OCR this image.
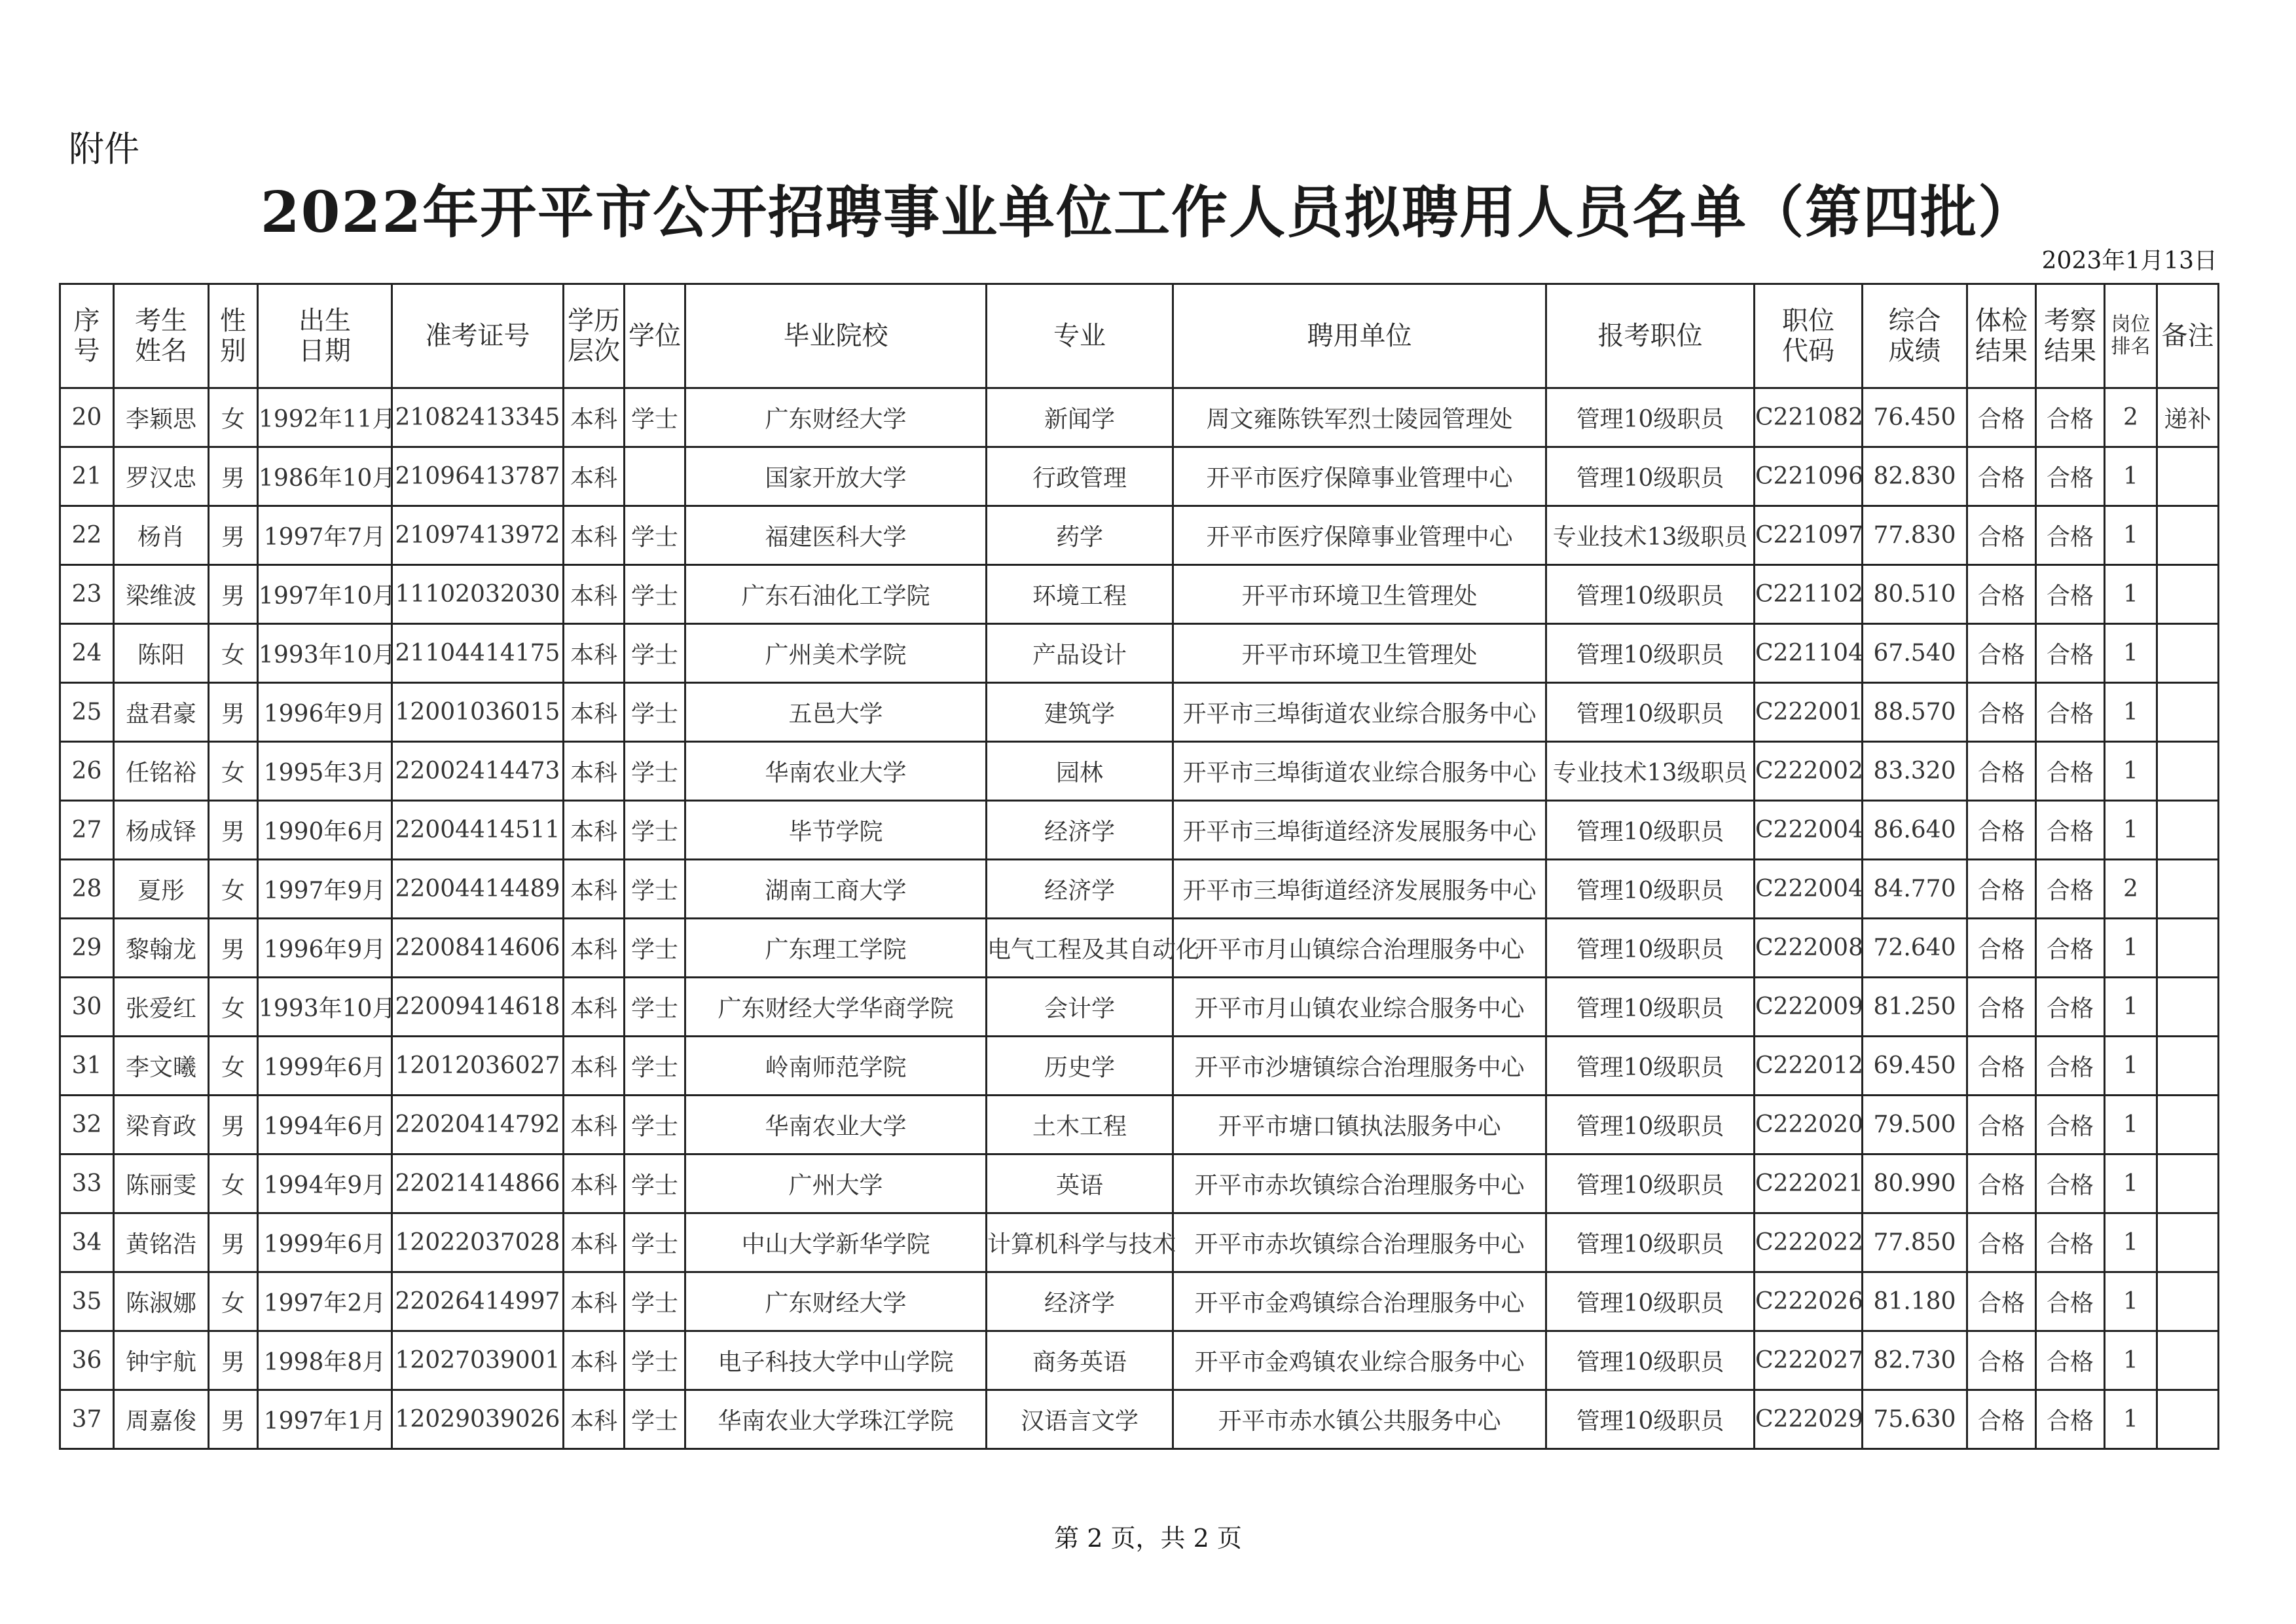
附件
2022年开平市公开招聘事业单位工作人员拟聘用人员名单（第四批）
2023年1月13日
序号	考生姓名	性别	出生日期	准考证号	学历层次	学位	毕业院校	专业	聘用单位	报考职位	职位代码	综合成绩	体检结果	考察结果	岗位排名	备注
20	李颖思	女	1992年11月	21082413345	本科	学士	广东财经大学	新闻学	周文雍陈铁军烈士陵园管理处	管理10级职员	C221082	76.450	合格	合格	2	递补
21	罗汉忠	男	1986年10月	21096413787	本科		国家开放大学	行政管理	开平市医疗保障事业管理中心	管理10级职员	C221096	82.830	合格	合格	1	
22	杨肖	男	1997年7月	21097413972	本科	学士	福建医科大学	药学	开平市医疗保障事业管理中心	专业技术13级职员	C221097	77.830	合格	合格	1	
23	梁维波	男	1997年10月	11102032030	本科	学士	广东石油化工学院	环境工程	开平市环境卫生管理处	管理10级职员	C221102	80.510	合格	合格	1	
24	陈阳	女	1993年10月	21104414175	本科	学士	广州美术学院	产品设计	开平市环境卫生管理处	管理10级职员	C221104	67.540	合格	合格	1	
25	盘君豪	男	1996年9月	12001036015	本科	学士	五邑大学	建筑学	开平市三埠街道农业综合服务中心	管理10级职员	C222001	88.570	合格	合格	1	
26	任铭裕	女	1995年3月	22002414473	本科	学士	华南农业大学	园林	开平市三埠街道农业综合服务中心	专业技术13级职员	C222002	83.320	合格	合格	1	
27	杨成铎	男	1990年6月	22004414511	本科	学士	毕节学院	经济学	开平市三埠街道经济发展服务中心	管理10级职员	C222004	86.640	合格	合格	1	
28	夏彤	女	1997年9月	22004414489	本科	学士	湖南工商大学	经济学	开平市三埠街道经济发展服务中心	管理10级职员	C222004	84.770	合格	合格	2	
29	黎翰龙	男	1996年9月	22008414606	本科	学士	广东理工学院	电气工程及其自动化	开平市月山镇综合治理服务中心	管理10级职员	C222008	72.640	合格	合格	1	
30	张爱红	女	1993年10月	22009414618	本科	学士	广东财经大学华商学院	会计学	开平市月山镇农业综合服务中心	管理10级职员	C222009	81.250	合格	合格	1	
31	李文曦	女	1999年6月	12012036027	本科	学士	岭南师范学院	历史学	开平市沙塘镇综合治理服务中心	管理10级职员	C222012	69.450	合格	合格	1	
32	梁育政	男	1994年6月	22020414792	本科	学士	华南农业大学	土木工程	开平市塘口镇执法服务中心	管理10级职员	C222020	79.500	合格	合格	1	
33	陈丽雯	女	1994年9月	22021414866	本科	学士	广州大学	英语	开平市赤坎镇综合治理服务中心	管理10级职员	C222021	80.990	合格	合格	1	
34	黄铭浩	男	1999年6月	12022037028	本科	学士	中山大学新华学院	计算机科学与技术	开平市赤坎镇综合治理服务中心	管理10级职员	C222022	77.850	合格	合格	1	
35	陈淑娜	女	1997年2月	22026414997	本科	学士	广东财经大学	经济学	开平市金鸡镇综合治理服务中心	管理10级职员	C222026	81.180	合格	合格	1	
36	钟宇航	男	1998年8月	12027039001	本科	学士	电子科技大学中山学院	商务英语	开平市金鸡镇农业综合服务中心	管理10级职员	C222027	82.730	合格	合格	1	
37	周嘉俊	男	1997年1月	12029039026	本科	学士	华南农业大学珠江学院	汉语言文学	开平市赤水镇公共服务中心	管理10级职员	C222029	75.630	合格	合格	1	
第 2 页，共 2 页
